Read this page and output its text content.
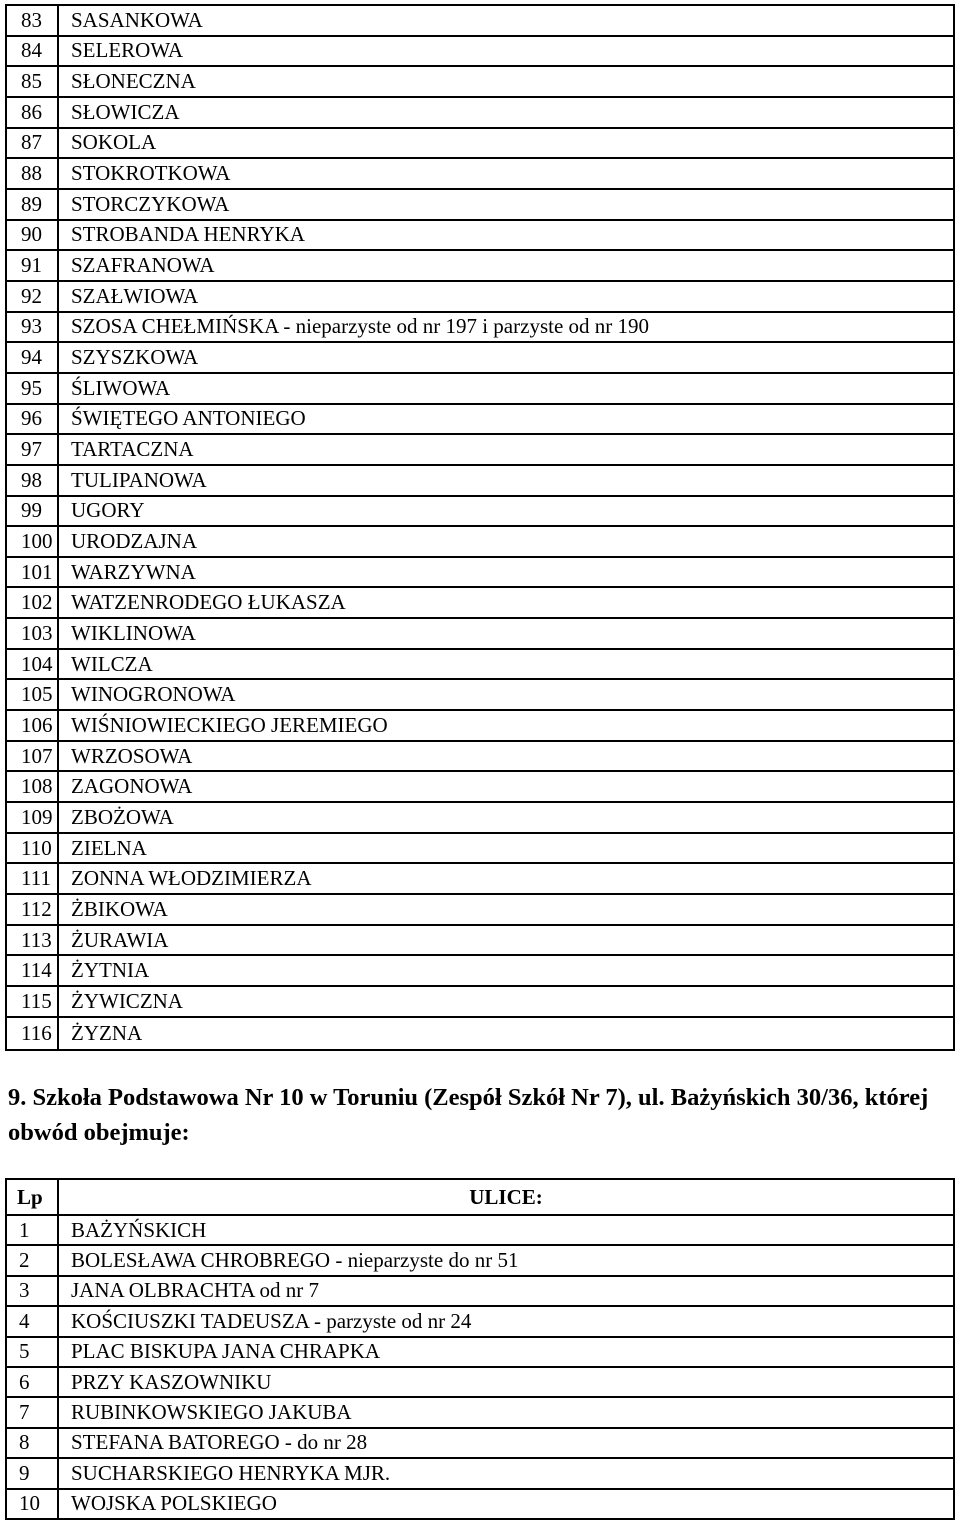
83	SASANKOWA
84	SELEROWA
85	SŁONECZNA
86	SŁOWICZA
87	SOKOLA
88	STOKROTKOWA
89	STORCZYKOWA
90	STROBANDA HENRYKA
91	SZAFRANOWA
92	SZAŁWIOWA
93	SZOSA CHEŁMIŃSKA - nieparzyste od nr 197 i parzyste od nr 190
94	SZYSZKOWA
95	ŚLIWOWA
96	ŚWIĘTEGO ANTONIEGO
97	TARTACZNA
98	TULIPANOWA
99	UGORY
100	URODZAJNA
101	WARZYWNA
102	WATZENRODEGO ŁUKASZA
103	WIKLINOWA
104	WILCZA
105	WINOGRONOWA
106	WIŚNIOWIECKIEGO JEREMIEGO
107	WRZOSOWA
108	ZAGONOWA
109	ZBOŻOWA
110	ZIELNA
111	ZONNA WŁODZIMIERZA
112	ŻBIKOWA
113	ŻURAWIA
114	ŻYTNIA
115	ŻYWICZNA
116	ŻYZNA
9. Szkoła Podstawowa Nr 10 w Toruniu (Zespół Szkół Nr 7), ul. Bażyńskich 30/36, której obwód obejmuje:
Lp	ULICE:
1	BAŻYŃSKICH
2	BOLESŁAWA CHROBREGO - nieparzyste do nr 51
3	JANA OLBRACHTA od nr 7
4	KOŚCIUSZKI TADEUSZA - parzyste od nr 24
5	PLAC BISKUPA JANA CHRAPKA
6	PRZY KASZOWNIKU
7	RUBINKOWSKIEGO JAKUBA
8	STEFANA BATOREGO - do nr 28
9	SUCHARSKIEGO HENRYKA MJR.
10	WOJSKA POLSKIEGO
